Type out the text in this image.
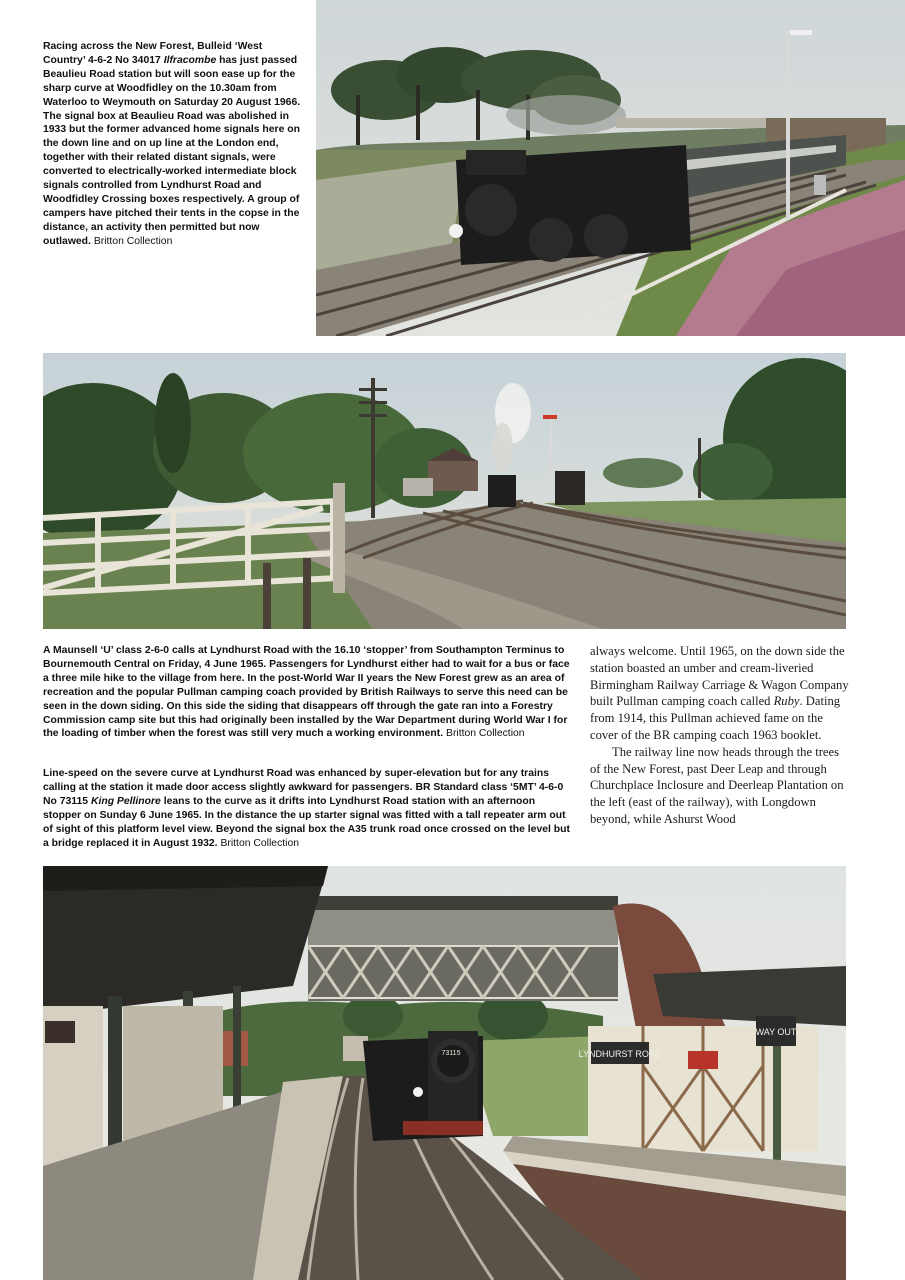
Racing across the New Forest, Bulleid ‘West Country’ 4-6-2 No 34017 Ilfracombe has just passed Beaulieu Road station but will soon ease up for the sharp curve at Woodfidley on the 10.30am from Waterloo to Weymouth on Saturday 20 August 1966. The signal box at Beaulieu Road was abolished in 1933 but the former advanced home signals here on the down line and on up line at the London end, together with their related distant signals, were converted to electrically-worked intermediate block signals controlled from Lyndhurst Road and Woodfidley Crossing boxes respectively. A group of campers have pitched their tents in the copse in the distance, an activity then permitted but now outlawed. Britton Collection
A Maunsell ‘U’ class 2-6-0 calls at Lyndhurst Road with the 16.10 ‘stopper’ from Southampton Terminus to Bournemouth Central on Friday, 4 June 1965. Passengers for Lyndhurst either had to wait for a bus or face a three mile hike to the village from here. In the post-World War II years the New Forest grew as an area of recreation and the popular Pullman camping coach provided by British Railways to serve this need can be seen in the down siding. On this side the siding that disappears off through the gate ran into a Forestry Commission camp site but this had originally been installed by the War Department during World War I for the loading of timber when the forest was still very much a working environment. Britton Collection
Line-speed on the severe curve at Lyndhurst Road was enhanced by super-elevation but for any trains calling at the station it made door access slightly awkward for passengers. BR Standard class ‘5MT’ 4-6-0 No 73115 King Pellinore leans to the curve as it drifts into Lyndhurst Road station with an afternoon stopper on Sunday 6 June 1965. In the distance the up starter signal was fitted with a tall repeater arm out of sight of this platform level view. Beyond the signal box the A35 trunk road once crossed on the level but a bridge replaced it in August 1932. Britton Collection

always welcome. Until 1965, on the down side the station boasted an umber and cream-liveried Birmingham Railway Carriage & Wagon Company built Pullman camping coach called Ruby. Dating from 1914, this Pullman achieved fame on the cover of the BR camping coach 1963 booklet.

The railway line now heads through the trees of the New Forest, past Deer Leap and through Churchplace Inclosure and Deerleap Plantation on the left (east of the railway), with Longdown beyond, while Ashurst Wood

LYNDHURST ROAD
WAY OUT
73115
